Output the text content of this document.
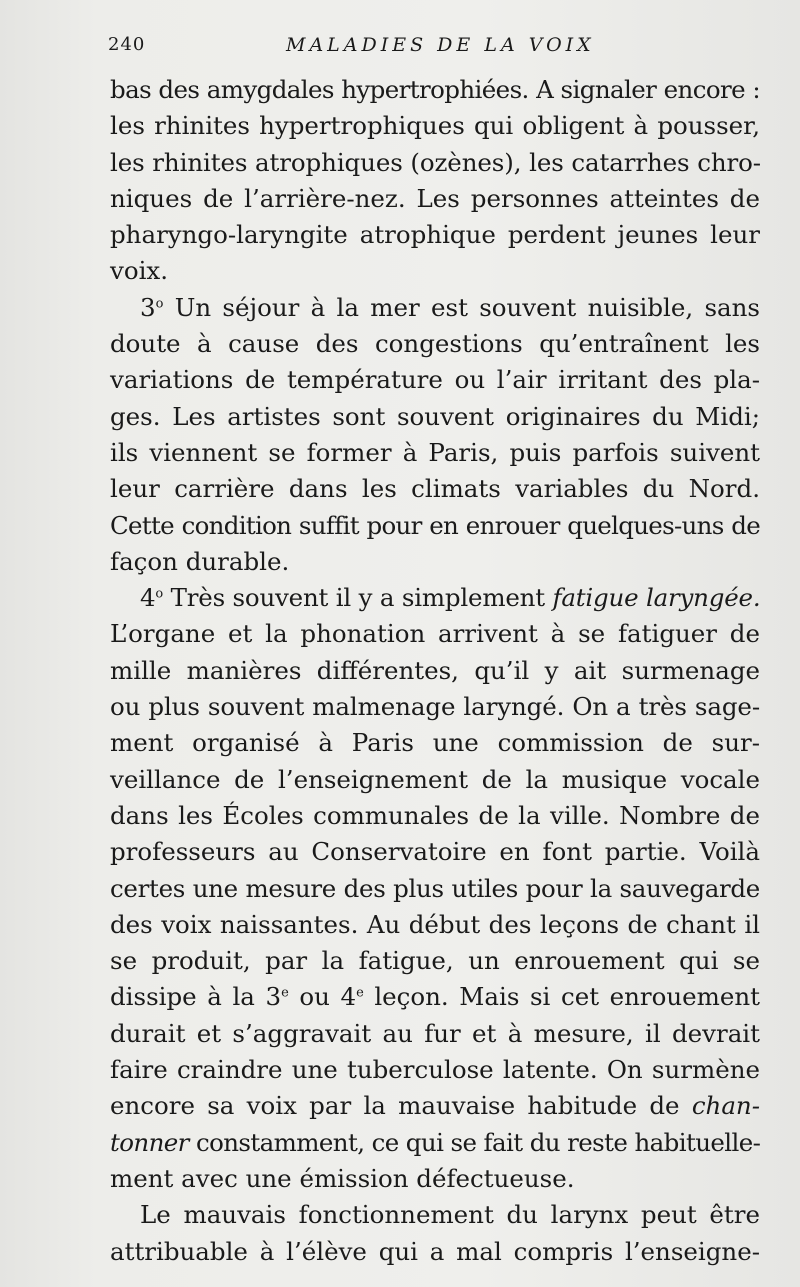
240	MALADIES DE LA VOIX
bas des amygdales hypertrophiées. A signaler encore :
les rhinites hypertrophiques qui obligent à pousser,
les rhinites atrophiques (ozènes), les catarrhes chro-
niques de l’arrière-nez. Les personnes atteintes de
pharyngo-laryngite atrophique perdent jeunes leur
voix.
3$^o$ Un séjour à la mer est souvent nuisible, sans
doute à cause des congestions qu’entraînent les
variations de température ou l’air irritant des pla-
ges. Les artistes sont souvent originaires du Midi;
ils viennent se former à Paris, puis parfois suivent
leur carrière dans les climats variables du Nord.
Cette condition suffit pour en enrouer quelques-uns de
façon durable.
4$^o$ Très souvent il y a simplement fatigue laryngée.
L’organe et la phonation arrivent à se fatiguer de
mille manières différentes, qu’il y ait surmenage
ou plus souvent malmenage laryngé. On a très sage-
ment organisé à Paris une commission de sur-
veillance de l’enseignement de la musique vocale
dans les Écoles communales de la ville. Nombre de
professeurs au Conservatoire en font partie. Voilà
certes une mesure des plus utiles pour la sauvegarde
des voix naissantes. Au début des leçons de chant il
se produit, par la fatigue, un enrouement qui se
dissipe à la 3e ou 4e leçon. Mais si cet enrouement
durait et s’aggravait au fur et à mesure, il devrait
faire craindre une tuberculose latente. On surmène
encore sa voix par la mauvaise habitude de chan-
tonner constamment, ce qui se fait du reste habituelle-
ment avec une émission défectueuse.
Le mauvais fonctionnement du larynx peut être
attribuable à l’élève qui a mal compris l’enseigne-
